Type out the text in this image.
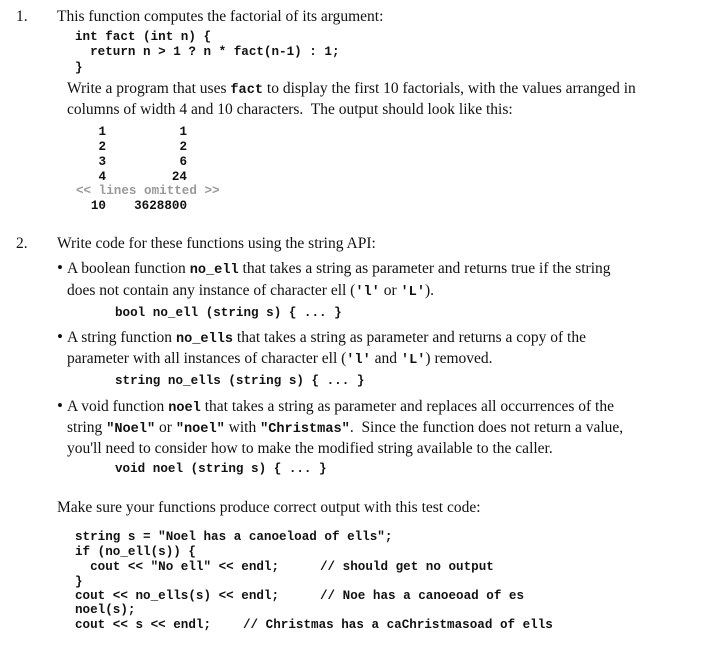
1. This function computes the factorial of its argument:
int fact (int n) {
return n > 1 ? n * fact(n-1) : 1;
}
Write a program that uses fact to display the first 10 factorials, with the values arranged in
columns of width 4 and 10 characters.  The output should look like this:
1	1
2	2
3	6
4	24
<< lines omitted >>
10	3628800
2. Write code for these functions using the string API:
• A boolean function no_ell that takes a string as parameter and returns true if the string
does not contain any instance of character ell ('l' or 'L').
bool no_ell (string s) { ... }
• A string function no_ells that takes a string as parameter and returns a copy of the
parameter with all instances of character ell ('l' and 'L') removed.
string no_ells (string s) { ... }
• A void function noel that takes a string as parameter and replaces all occurrences of the
string "Noel" or "noel" with "Christmas".  Since the function does not return a value,
you'll need to consider how to make the modified string available to the caller.
void noel (string s) { ... }
Make sure your functions produce correct output with this test code:
string s = "Noel has a canoeload of ells";
if (no_ell(s)) {
cout << "No ell" << endl;	// should get no output
}
cout << no_ells(s) << endl;	// Noe has a canoeoad of es
noel(s);
cout << s << endl;	// Christmas has a caChristmasoad of ells
